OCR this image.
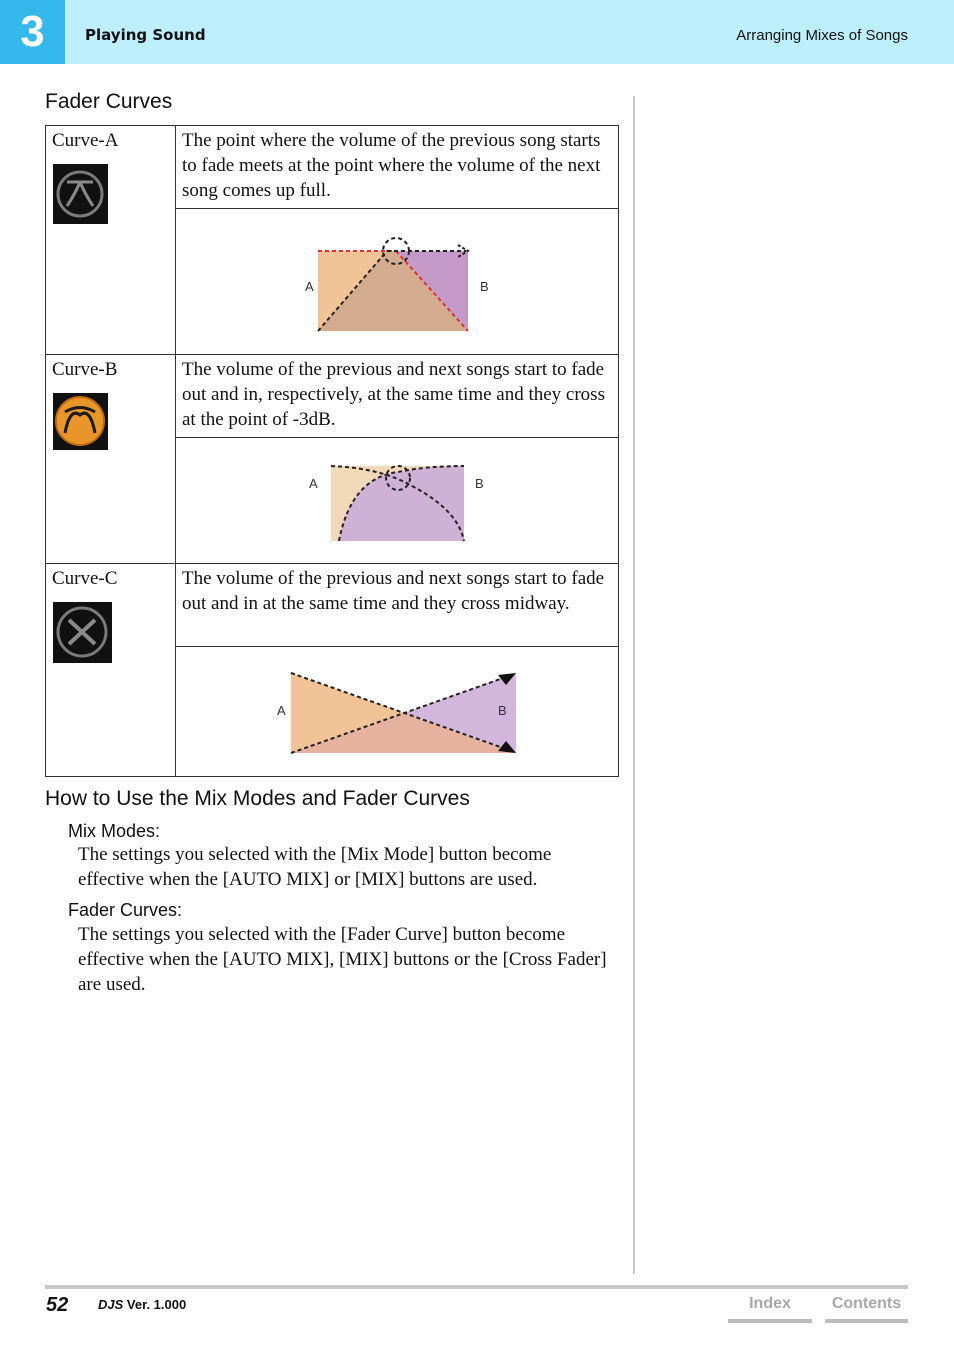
3	Playing Sound	Arranging Mixes of Songs
Fader Curves
Curve-A	The point where the volume of the previous song starts to fade meets at the point where the volume of the next song comes up full.

A B

Curve-B	The volume of the previous and next songs start to fade out and in, respectively, at the same time and they cross at the point of -3dB.

A B

Curve-C	The volume of the previous and next songs start to fade out and in at the same time and they cross midway.

A B
How to Use the Mix Modes and Fader Curves
Mix Modes:
The settings you selected with the [Mix Mode] button become effective when the [AUTO MIX] or [MIX] buttons are used.
Fader Curves:
The settings you selected with the [Fader Curve] button become effective when the [AUTO MIX], [MIX] buttons or the [Cross Fader] are used.
52 DJS Ver. 1.000	Index	Contents
